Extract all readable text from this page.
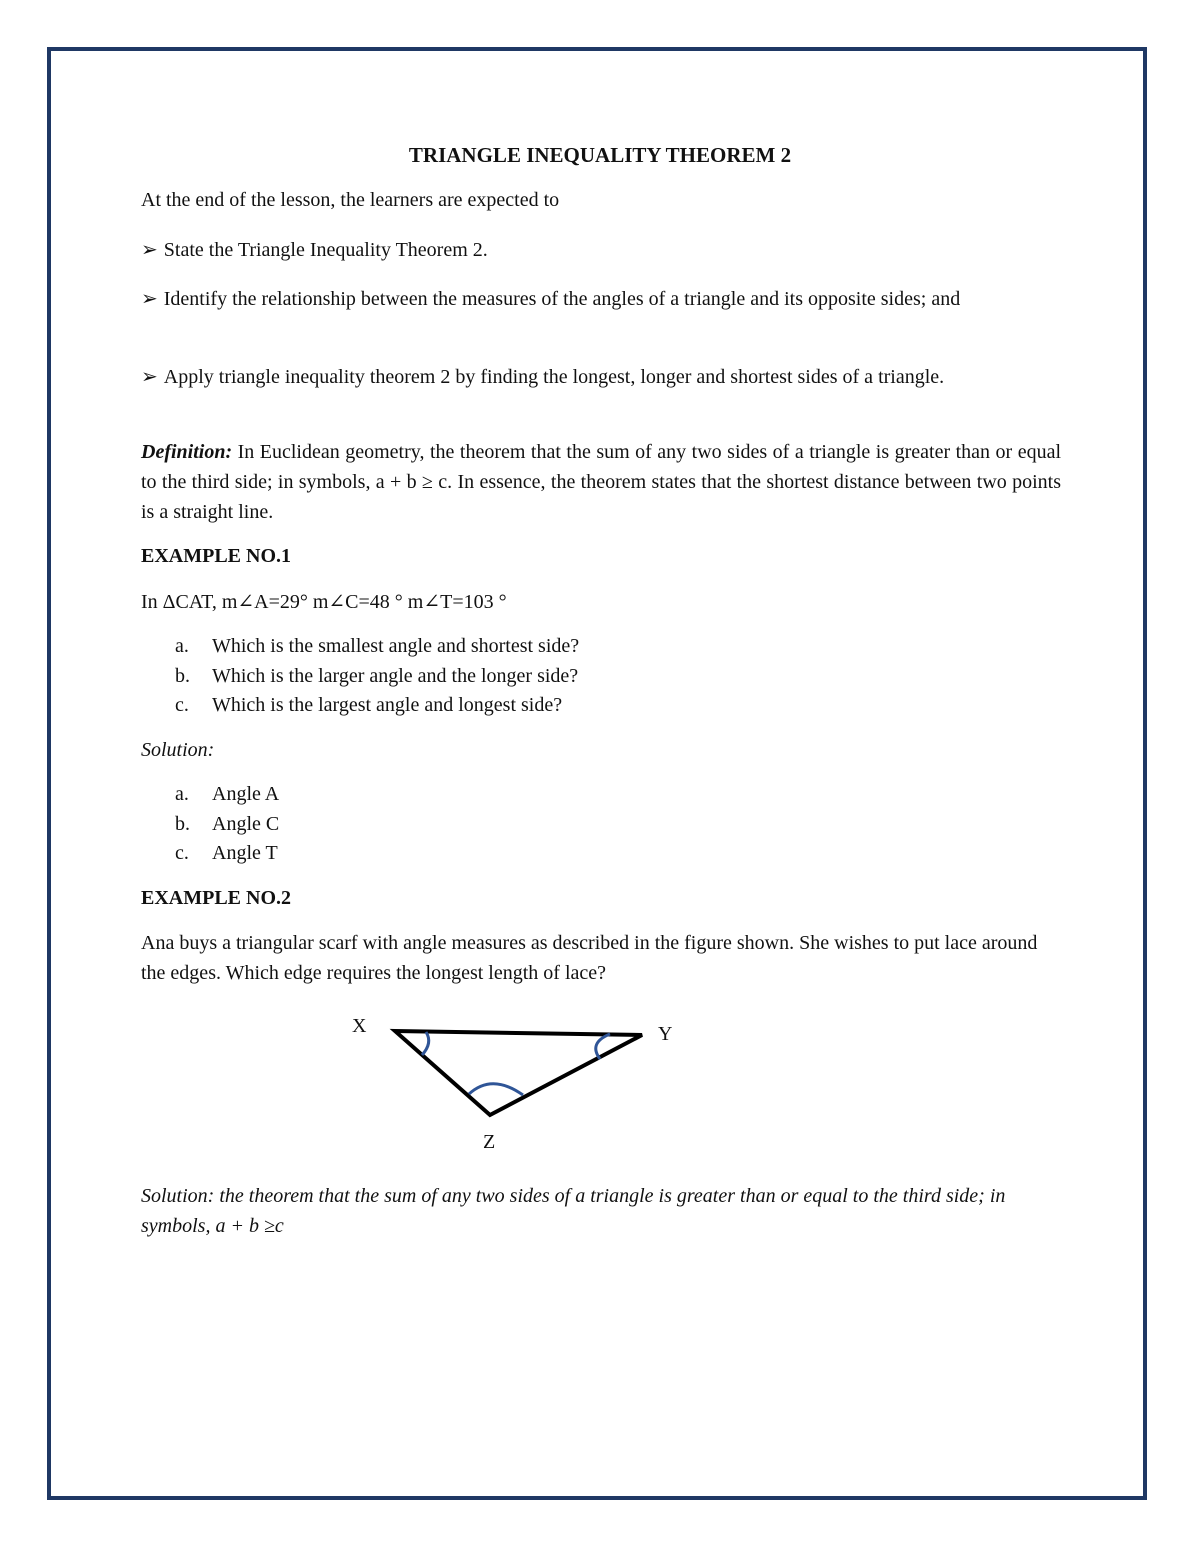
TRIANGLE INEQUALITY THEOREM 2
At the end of the lesson, the learners are expected to
➢ State the Triangle Inequality Theorem 2.
➢ Identify the relationship between the measures of the angles of a triangle and its opposite sides; and
➢ Apply triangle inequality theorem 2 by finding the longest, longer and shortest sides of a triangle.
Definition: In Euclidean geometry, the theorem that the sum of any two sides of a triangle is greater than or equal to the third side; in symbols, a + b ≥ c. In essence, the theorem states that the shortest distance between two points is a straight line.
EXAMPLE NO.1
In ΔCAT, m∠A=29° m∠C=48 ° m∠T=103 °
a.	Which is the smallest angle and shortest side?
b.	Which is the larger angle and the longer side?
c.	Which is the largest angle and longest side?
Solution:
a.	Angle A
b.	Angle C
c.	Angle T
EXAMPLE NO.2
Ana buys a triangular scarf with angle measures as described in the figure shown. She wishes to put lace around the edges. Which edge requires the longest length of lace?
X	Y
Z
Solution: the theorem that the sum of any two sides of a triangle is greater than or equal to the third side; in symbols, a + b ≥c
